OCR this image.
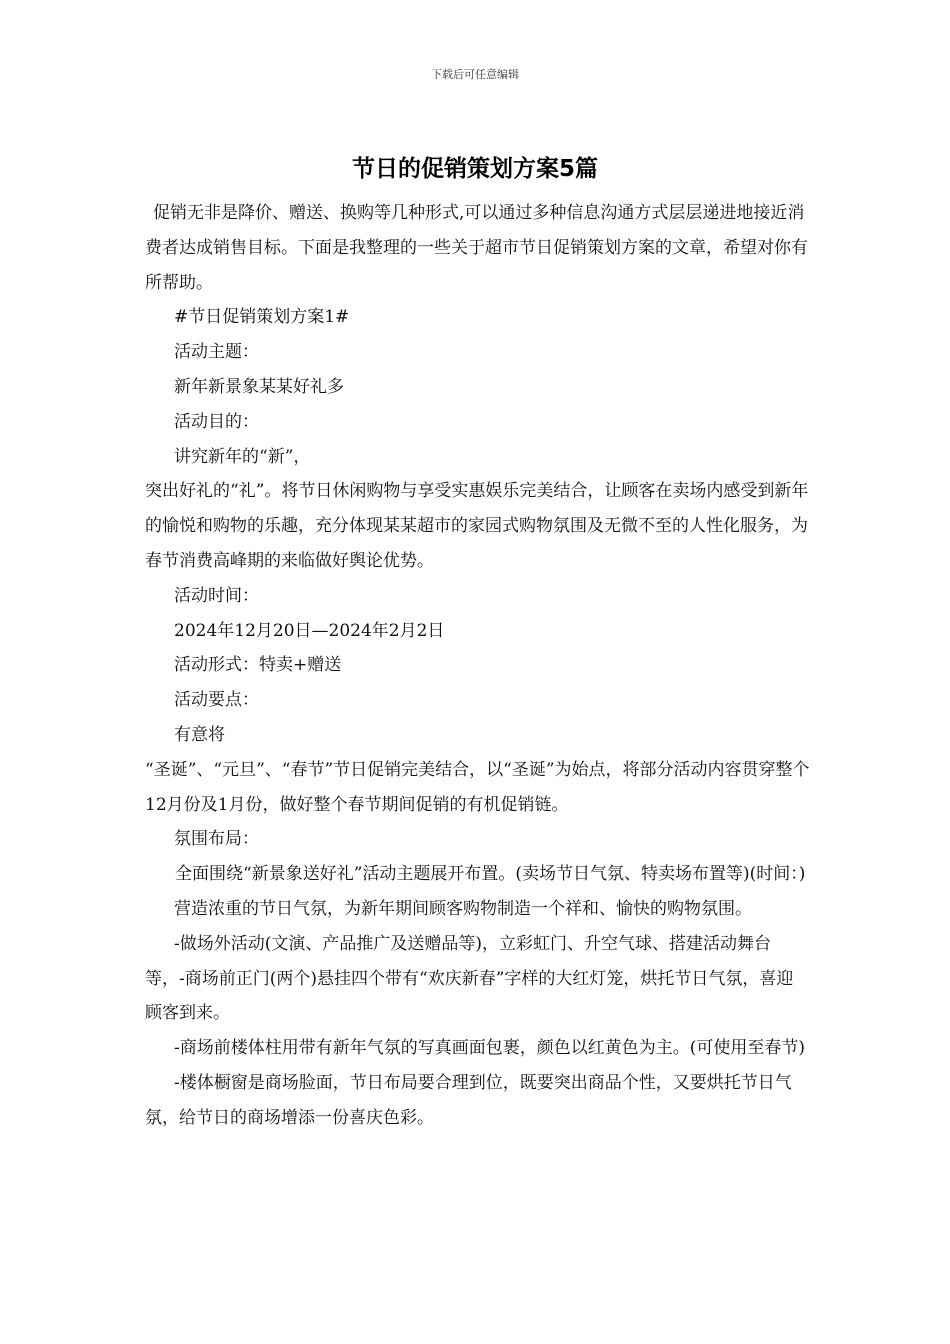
下载后可任意编辑
节日的促销策划方案5篇

促销无非是降价、赠送、换购等几种形式,可以通过多种信息沟通方式层层递进地接近消费者达成销售目标。下面是我整理的一些关于超市节日促销策划方案的文章，希望对你有所帮助。

#节日促销策划方案1#

活动主题：

新年新景象某某好礼多

活动目的：

讲究新年的“新”，

突出好礼的“礼”。将节日休闲购物与享受实惠娱乐完美结合，让顾客在卖场内感受到新年的愉悦和购物的乐趣，充分体现某某超市的家园式购物氛围及无微不至的人性化服务，为春节消费高峰期的来临做好舆论优势。

活动时间：

2024年12月20日—2024年2月2日

活动形式：特卖+赠送

活动要点：

有意将

“圣诞”、“元旦”、“春节”节日促销完美结合，以“圣诞”为始点，将部分活动内容贯穿整个12月份及1月份，做好整个春节期间促销的有机促销链。

氛围布局：

全面围绕“新景象送好礼”活动主题展开布置。(卖场节日气氛、特卖场布置等)(时间：)

营造浓重的节日气氛，为新年期间顾客购物制造一个祥和、愉快的购物氛围。

-做场外活动(文演、产品推广及送赠品等)，立彩虹门、升空气球、搭建活动舞台等，-商场前正门(两个)悬挂四个带有“欢庆新春”字样的大红灯笼，烘托节日气氛，喜迎顾客到来。

-商场前楼体柱用带有新年气氛的写真画面包裹，颜色以红黄色为主。(可使用至春节)

-楼体橱窗是商场脸面，节日布局要合理到位，既要突出商品个性，又要烘托节日气氛，给节日的商场增添一份喜庆色彩。
